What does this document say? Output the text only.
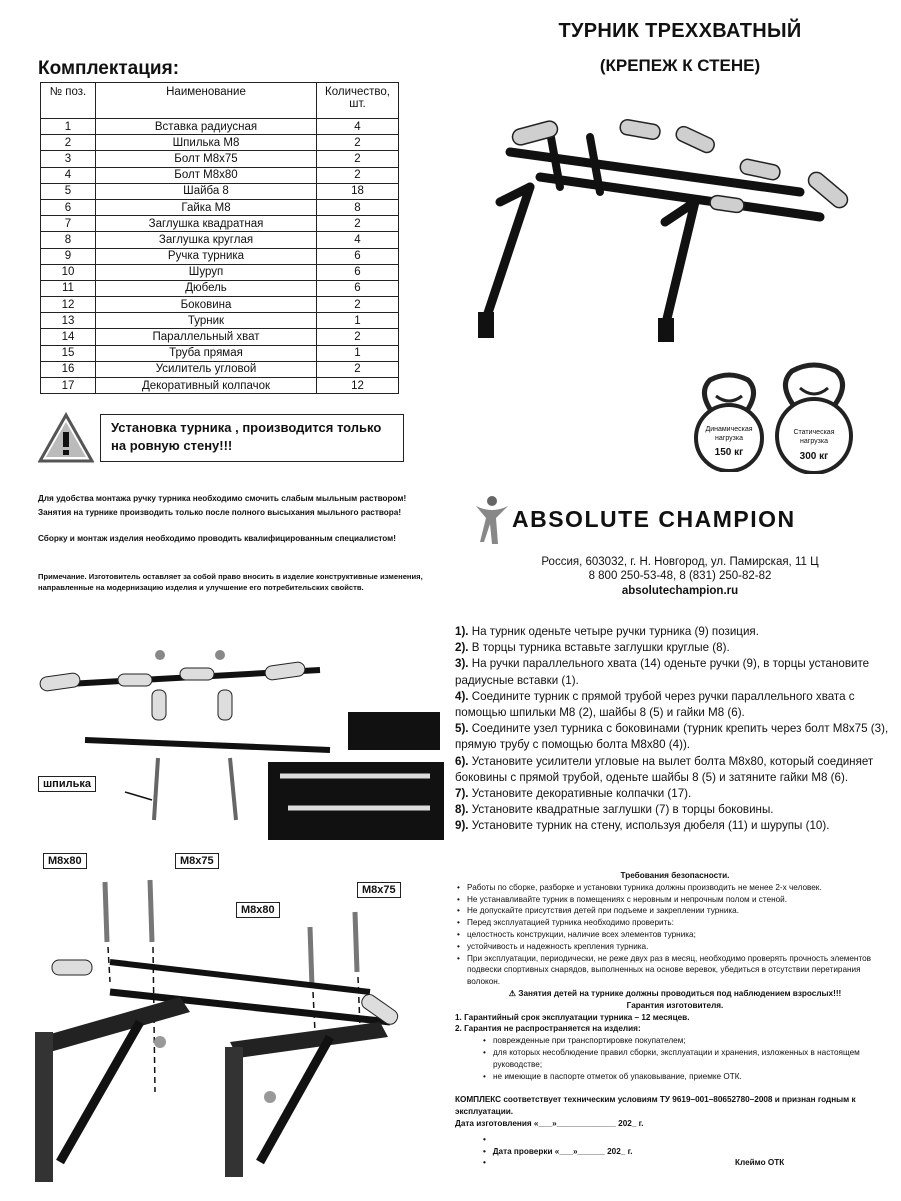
ТУРНИК ТРЕХХВАТНЫЙ
(КРЕПЕЖ К СТЕНЕ)
Комплектация:
№ поз.	Наименование	Количество, шт.
1	Вставка радиусная	4
2	Шпилька М8	2
3	Болт М8х75	2
4	Болт М8х80	2
5	Шайба 8	18
6	Гайка М8	8
7	Заглушка квадратная	2
8	Заглушка круглая	4
9	Ручка турника	6
10	Шуруп	6
11	Дюбель	6
12	Боковина	2
13	Турник	1
14	Параллельный хват	2
15	Труба прямая	1
16	Усилитель угловой	2
17	Декоративный колпачок	12
Установка турника , производится только
на ровную стену!!!
Для удобства монтажа ручку турника необходимо смочить слабым мыльным раствором!
Занятия на турнике производить только после полного высыхания мыльного раствора!
Сборку и монтаж изделия необходимо проводить квалифицированным специалистом!
Примечание. Изготовитель оставляет за собой право вносить в изделие конструктивные изменения,
направленные на модернизацию изделия и улучшение его потребительских свойств.
Динамическая
нагрузка
150 кг
Статическая
нагрузка
300 кг
ABSOLUTE CHAMPION
Россия, 603032, г. Н. Новгород, ул. Памирская, 11 Ц
8 800 250-53-48, 8 (831) 250-82-82
absolutechampion.ru

1). На турник оденьте четыре ручки турника (9) позиция.

2). В торцы турника вставьте заглушки круглые (8).

3). На ручки параллельного хвата (14) оденьте ручки (9), в торцы установите радиусные вставки (1).

4). Соедините турник с прямой трубой через ручки параллельного хвата с помощью шпильки М8 (2), шайбы 8 (5) и гайки М8 (6).

5). Соедините узел турника с боковинами (турник крепить через болт М8х75 (3), прямую трубу с помощью болта М8х80 (4)).

6). Установите усилители угловые на вылет болта М8х80, который соединяет боковины с прямой трубой, оденьте шайбы 8 (5) и затяните гайки М8 (6).

7). Установите декоративные колпачки (17).

8). Установите квадратные заглушки (7) в торцы боковины.

9). Установите турник на стену, используя дюбеля (11) и шурупы (10).

шпилька
M8x80	M8x75
M8x80
M8x75
Требования безопасности.
• Работы по сборке, разборке и установки турника должны производить не менее 2-х человек.
• Не устанавливайте турник в помещениях с неровным и непрочным полом и стеной.
• Не допускайте присутствия детей при подъеме и закреплении турника.
• Перед эксплуатацией турника необходимо проверить:
• целостность конструкции, наличие всех элементов турника;
• устойчивость и надежность крепления турника.
• При эксплуатации, периодически, не реже двух раз в месяц, необходимо проверять прочность элементов подвески спортивных снарядов, выполненных на основе веревок, убедиться в отсутствии перетирания волокон.
⚠ Занятия детей на турнике должны проводиться под наблюдением взрослых!!!
Гарантия изготовителя.
1. Гарантийный срок эксплуатации турника – 12 месяцев.
2. Гарантия не распространяется на изделия:
• поврежденные при транспортировке покупателем;
• для которых несоблюдение правил сборки, эксплуатации и хранения, изложенных в настоящем руководстве;
• не имеющие в паспорте отметок об упаковывание, приемке ОТК.
КОМПЛЕКС соответствует техническим условиям ТУ 9619–001–80652780–2008 и признан годным к эксплуатации.
Дата изготовления «___»_____________ 202_ г.
•
•   Дата проверки «___»______ 202_ г.
•	Клеймо ОТК
